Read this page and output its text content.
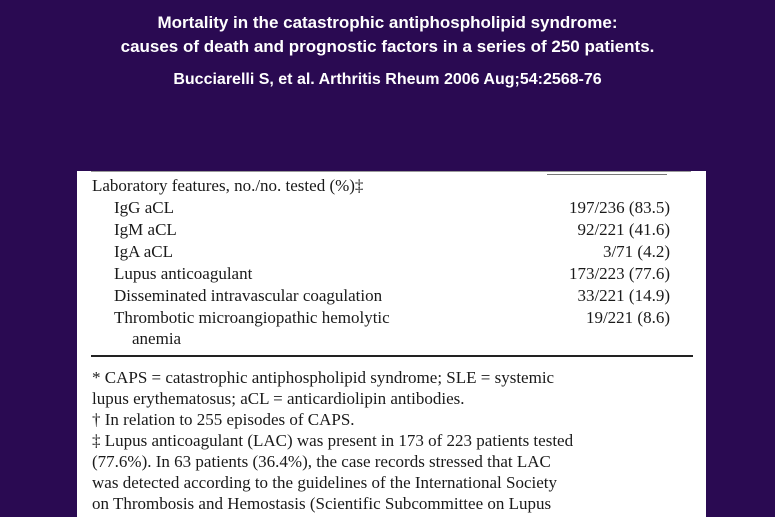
Mortality in the catastrophic antiphospholipid syndrome:
causes of death and prognostic factors in a series of 250 patients.
Bucciarelli S, et al. Arthritis Rheum 2006 Aug;54:2568-76
Laboratory features, no./no. tested (%)‡
IgG aCL	197/236 (83.5)
IgM aCL	92/221 (41.6)
IgA aCL	3/71 (4.2)
Lupus anticoagulant	173/223 (77.6)
Disseminated intravascular coagulation	33/221 (14.9)
Thrombotic microangiopathic hemolytic	19/221 (8.6)
anemia
* CAPS = catastrophic antiphospholipid syndrome; SLE = systemic
lupus erythematosus; aCL = anticardiolipin antibodies.
† In relation to 255 episodes of CAPS.
‡ Lupus anticoagulant (LAC) was present in 173 of 223 patients tested
(77.6%). In 63 patients (36.4%), the case records stressed that LAC
was detected according to the guidelines of the International Society
on Thrombosis and Hemostasis (Scientific Subcommittee on Lupus
